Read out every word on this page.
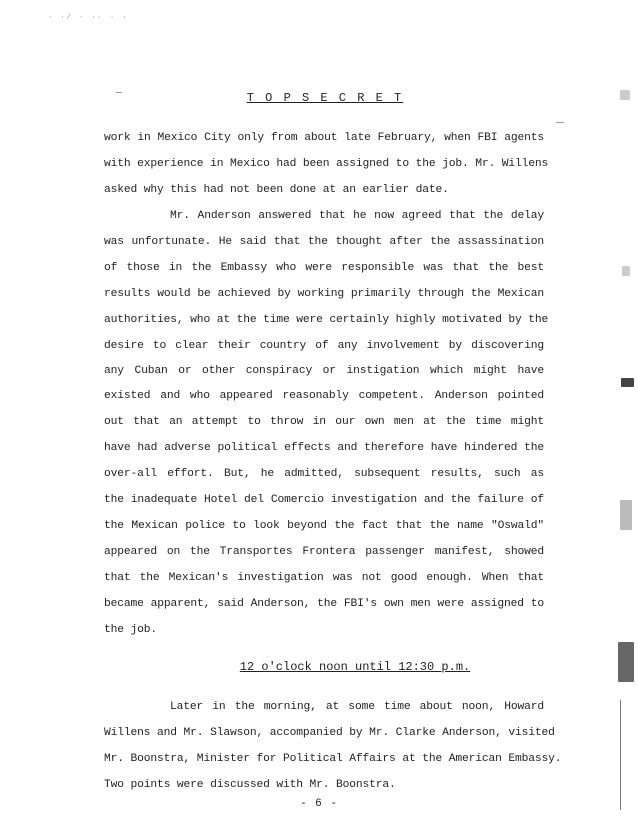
· ·/ · ·· · ·
T O P S E C R E T
work in Mexico City only from about late February, when FBI agents
with experience in Mexico had been assigned to the job. Mr. Willens
asked why this had not been done at an earlier date.
Mr. Anderson answered that he now agreed that the delay
was unfortunate. He said that the thought after the assassination
of those in the Embassy who were responsible was that the best
results would be achieved by working primarily through the Mexican
authorities, who at the time were certainly highly motivated by the
desire to clear their country of any involvement by discovering
any Cuban or other conspiracy or instigation which might have
existed and who appeared reasonably competent. Anderson pointed
out that an attempt to throw in our own men at the time might
have had adverse political effects and therefore have hindered the
over-all effort. But, he admitted, subsequent results, such as
the inadequate Hotel del Comercio investigation and the failure of
the Mexican police to look beyond the fact that the name "Oswald"
appeared on the Transportes Frontera passenger manifest, showed
that the Mexican's investigation was not good enough. When that
became apparent, said Anderson, the FBI's own men were assigned to
the job.
12 o'clock noon until 12:30 p.m.
Later in the morning, at some time about noon, Howard
Willens and Mr. Slawson, accompanied by Mr. Clarke Anderson, visited
Mr. Boonstra, Minister for Political Affairs at the American Embassy.
Two points were discussed with Mr. Boonstra.
- 6 -
